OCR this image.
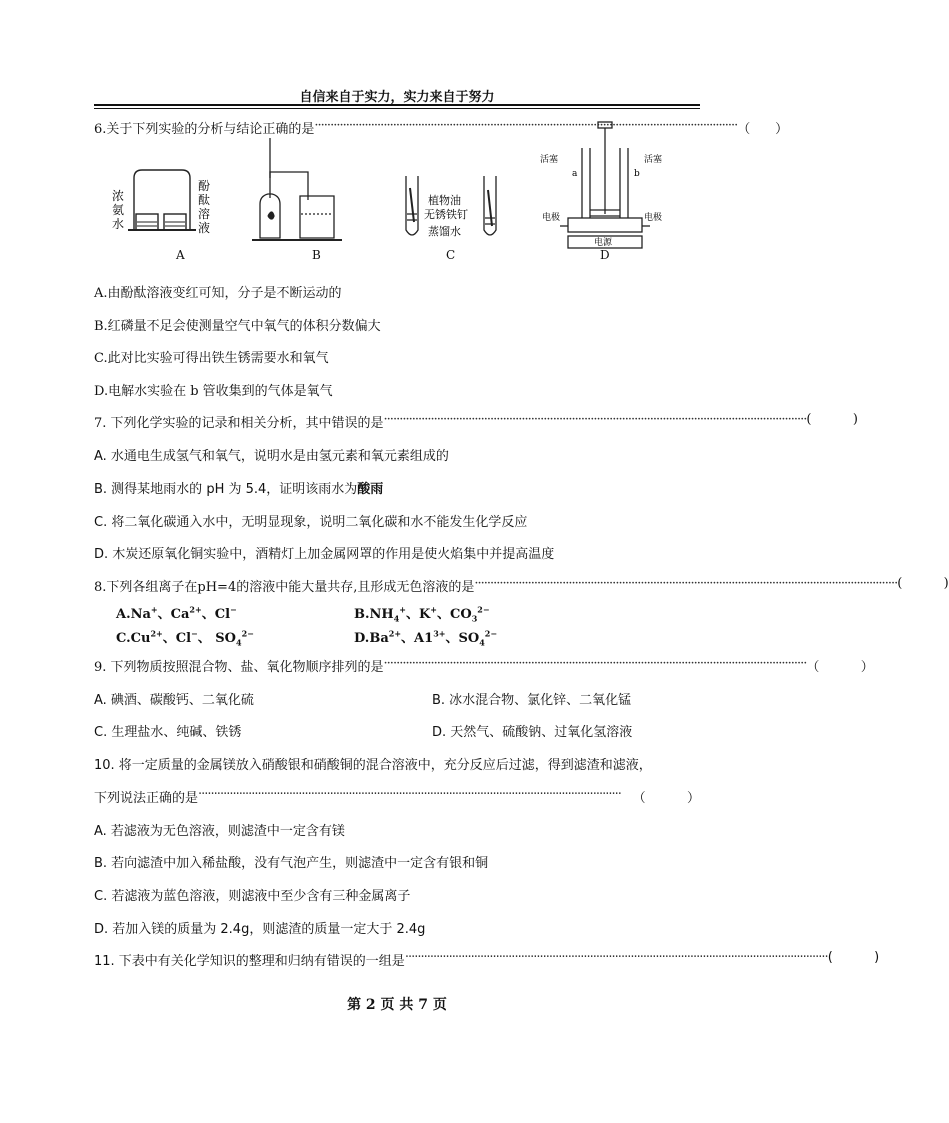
自信来自于实力，实力来自于努力
6.关于下列实验的分析与结论正确的是 ······································································································································· （      ）
浓
氨
水
酚
酞
溶
液
植物油
无锈铁钉
蒸馏水
活塞	活塞
a	b
电极	电极
电源
A	B	C	D
A.由酚酞溶液变红可知，分子是不断运动的
B.红磷量不足会使测量空气中氧气的体积分数偏大
C.此对比实验可得出铁生锈需要水和氧气
D.电解水实验在 b 管收集到的气体是氧气
7. 下列化学实验的记录和相关分析，其中错误的是 ······································································································································· (          )
A. 水通电生成氢气和氧气，说明水是由氢元素和氧元素组成的
B. 测得某地雨水的 pH 为 5.4，证明该雨水为酸雨
C. 将二氧化碳通入水中，无明显现象，说明二氧化碳和水不能发生化学反应
D. 木炭还原氧化铜实验中，酒精灯上加金属网罩的作用是使火焰集中并提高温度
8.下列各组离子在pH=4的溶液中能大量共存,且形成无色溶液的是 ······································································································································· (          )
A.Na+、$Ca^{2+}$、Cl−	$B.NH_4^+$、K+、$CO_3^{2-}$
$C.Cu^{2+}$、Cl−、 $SO_4^{2-}$	$D.Ba^{2+}$、$A1^{3+}$、$SO_4^{2-}$
9. 下列物质按照混合物、盐、氧化物顺序排列的是 ······································································································································· （          ）
A. 碘酒、碳酸钙、二氧化硫	B. 冰水混合物、氯化锌、二氧化锰
C. 生理盐水、纯碱、铁锈	D. 天然气、硫酸钠、过氧化氢溶液
10. 将一定质量的金属镁放入硝酸银和硝酸铜的混合溶液中，充分反应后过滤，得到滤渣和滤液，
下列说法正确的是 ······································································································································· （          ）
A. 若滤液为无色溶液，则滤渣中一定含有镁
B. 若向滤渣中加入稀盐酸，没有气泡产生，则滤渣中一定含有银和铜
C. 若滤液为蓝色溶液，则滤液中至少含有三种金属离子
D. 若加入镁的质量为 2.4g，则滤渣的质量一定大于 2.4g
11. 下表中有关化学知识的整理和归纳有错误的一组是 ······································································································································· (          )
第 2 页 共 7 页
